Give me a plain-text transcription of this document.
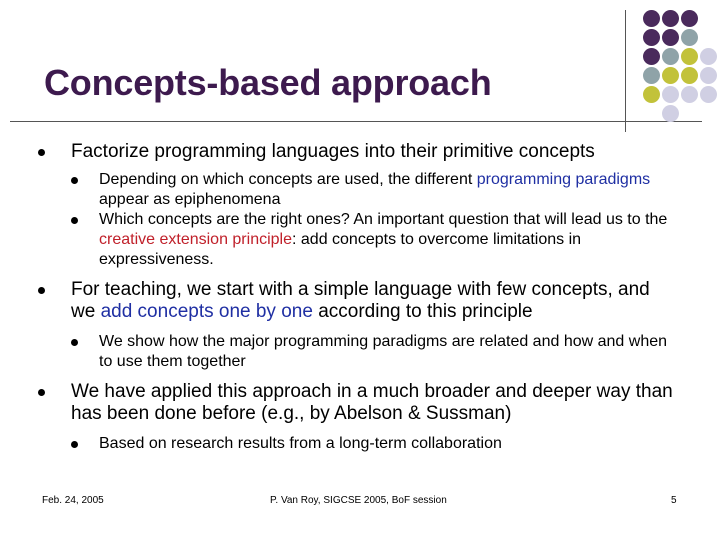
Concepts-based approach
Factorize programming languages into their primitive concepts
Depending on which concepts are used, the different programming paradigms appear as epiphenomena
Which concepts are the right ones? An important question that will lead us to the creative extension principle: add concepts to overcome limitations in expressiveness.
For teaching, we start with a simple language with few concepts, and we add concepts one by one according to this principle
We show how the major programming paradigms are related and how and when to use them together
We have applied this approach in a much broader and deeper way than has been done before (e.g., by Abelson & Sussman)
Based on research results from a long-term collaboration
Feb. 24, 2005	P. Van Roy, SIGCSE 2005, BoF session	5
